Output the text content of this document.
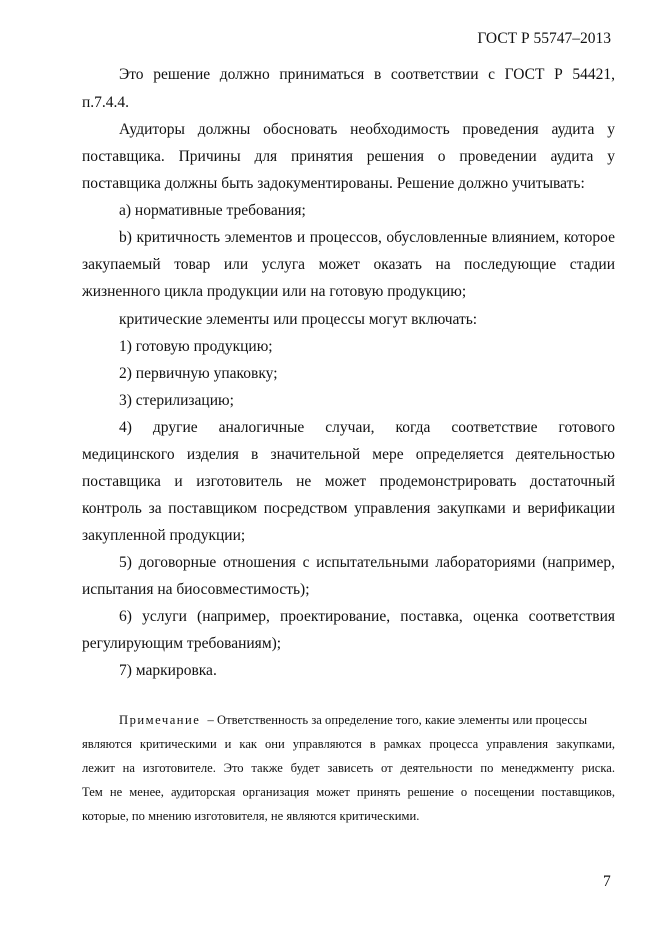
ГОСТ Р 55747–2013
Это решение должно приниматься в соответствии с ГОСТ Р 54421,
п.7.4.4.
Аудиторы должны обосновать необходимость проведения аудита у
поставщика. Причины для принятия решения о проведении аудита у
поставщика должны быть задокументированы. Решение должно учитывать:
a) нормативные требования;
b) критичность элементов и процессов, обусловленные влиянием, которое
закупаемый товар или услуга может оказать на последующие стадии
жизненного цикла продукции или на готовую продукцию;
критические элементы или процессы могут включать:
1) готовую продукцию;
2) первичную упаковку;
3) стерилизацию;
4) другие аналогичные случаи, когда соответствие готового
медицинского изделия в значительной мере определяется деятельностью
поставщика и изготовитель не может продемонстрировать достаточный
контроль за поставщиком посредством управления закупками и верификации
закупленной продукции;
5) договорные отношения с испытательными лабораториями (например,
испытания на биосовместимость);
6) услуги (например, проектирование, поставка, оценка соответствия
регулирующим требованиям);
7) маркировка.
Примечание – Ответственность за определение того, какие элементы или процессы
являются критическими и как они управляются в рамках процесса управления закупками,
лежит на изготовителе. Это также будет зависеть от деятельности по менеджменту риска.
Тем не менее, аудиторская организация может принять решение о посещении поставщиков,
которые, по мнению изготовителя, не являются критическими.
7
